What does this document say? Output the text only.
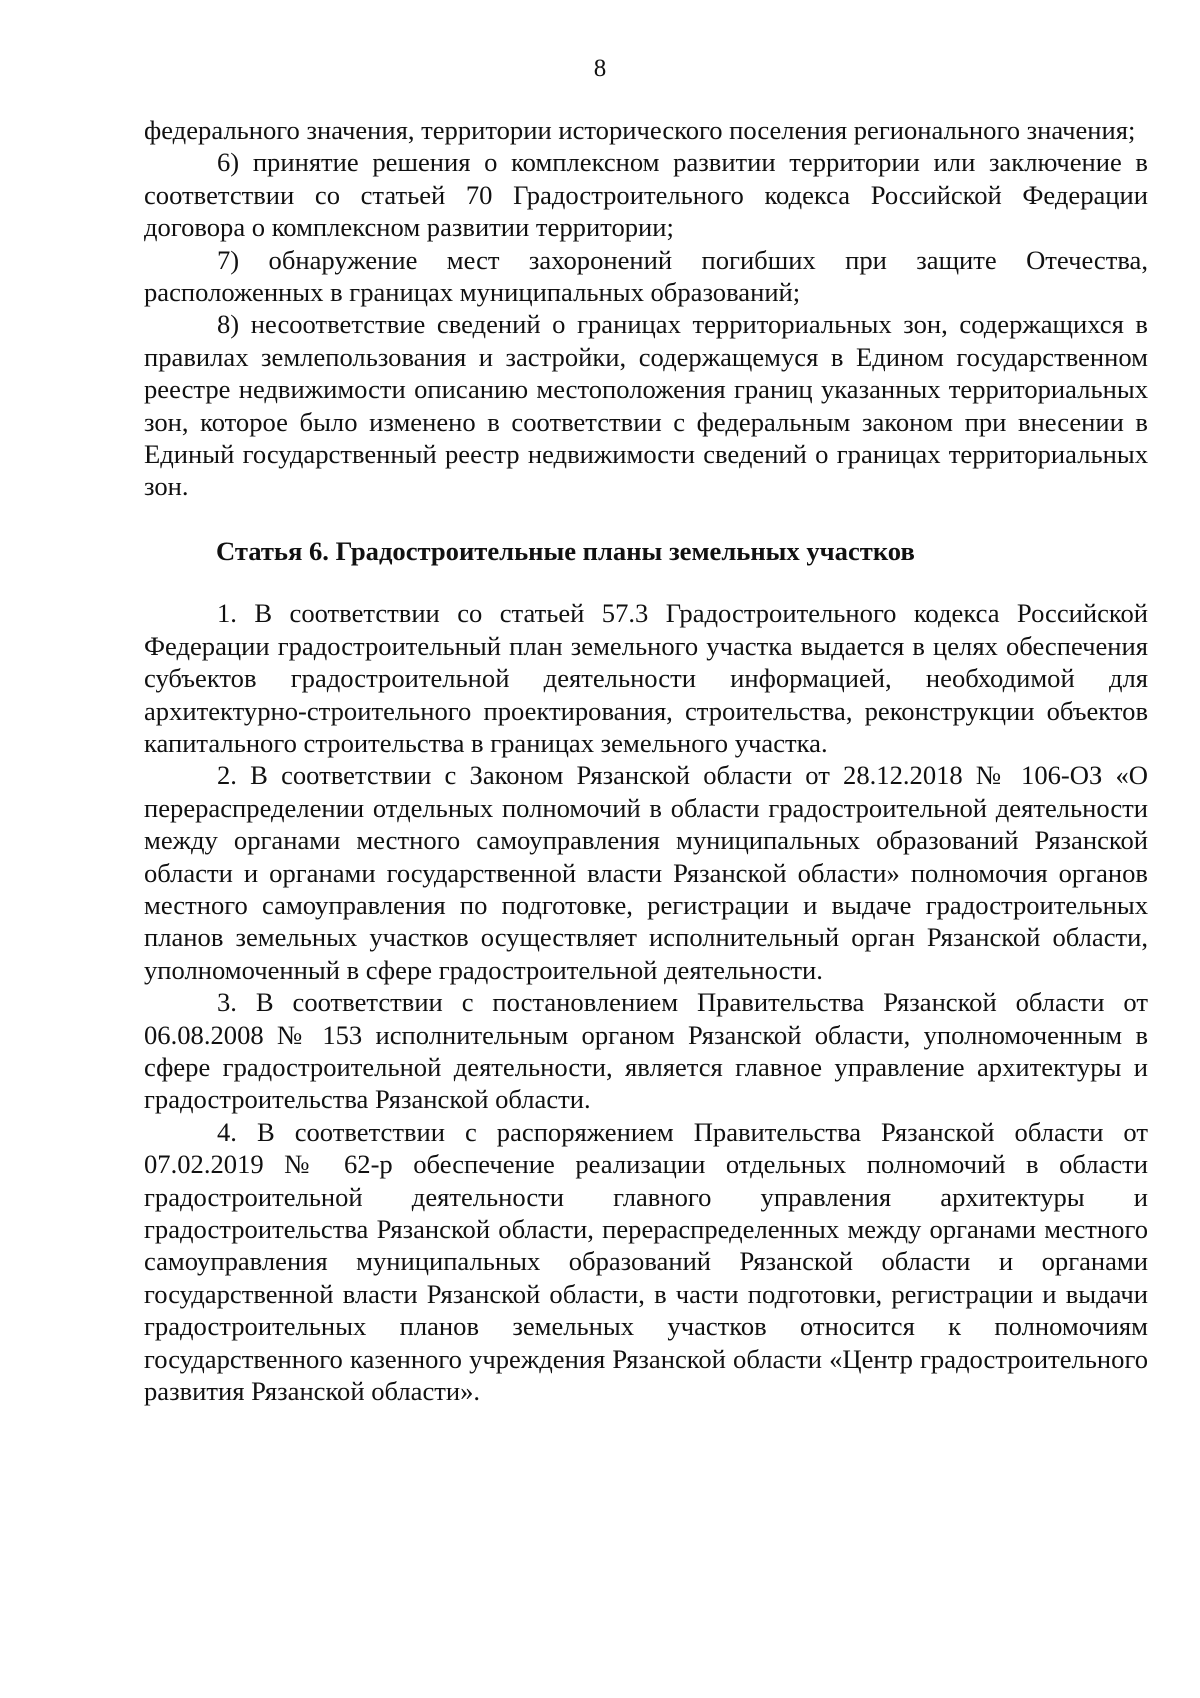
8

федерального значения, территории исторического поселения регионального значения;

6) принятие решения о комплексном развитии территории или заключение в соответствии со статьей 70 Градостроительного кодекса Российской Федерации договора о комплексном развитии территории;

7) обнаружение мест захоронений погибших при защите Отечества, расположенных в границах муниципальных образований;

8) несоответствие сведений о границах территориальных зон, содержащихся в правилах землепользования и застройки, содержащемуся в Едином государственном реестре недвижимости описанию местоположения границ указанных территориальных зон, которое было изменено в соответствии с федеральным законом при внесении в Единый государственный реестр недвижимости сведений о границах территориальных зон.

Статья 6. Градостроительные планы земельных участков

1. В соответствии со статьей 57.3 Градостроительного кодекса Российской Федерации градостроительный план земельного участка выдается в целях обеспечения субъектов градостроительной деятельности информацией, необходимой для архитектурно-строительного проектирования, строительства, реконструкции объектов капитального строительства в границах земельного участка.

2. В соответствии с Законом Рязанской области от 28.12.2018 № 106-ОЗ «О перераспределении отдельных полномочий в области градостроительной деятельности между органами местного самоуправления муниципальных образований Рязанской области и органами государственной власти Рязанской области» полномочия органов местного самоуправления по подготовке, регистрации и выдаче градостроительных планов земельных участков осуществляет исполнительный орган Рязанской области, уполномоченный в сфере градостроительной деятельности.

3. В соответствии с постановлением Правительства Рязанской области от 06.08.2008 № 153 исполнительным органом Рязанской области, уполномоченным в сфере градостроительной деятельности, является главное управление архитектуры и градостроительства Рязанской области.

4. В соответствии с распоряжением Правительства Рязанской области от 07.02.2019 № 62-р обеспечение реализации отдельных полномочий в области градостроительной деятельности главного управления архитектуры и градостроительства Рязанской области, перераспределенных между органами местного самоуправления муниципальных образований Рязанской области и органами государственной власти Рязанской области, в части подготовки, регистрации и выдачи градостроительных планов земельных участков относится к полномочиям государственного казенного учреждения Рязанской области «Центр градостроительного развития Рязанской области».
